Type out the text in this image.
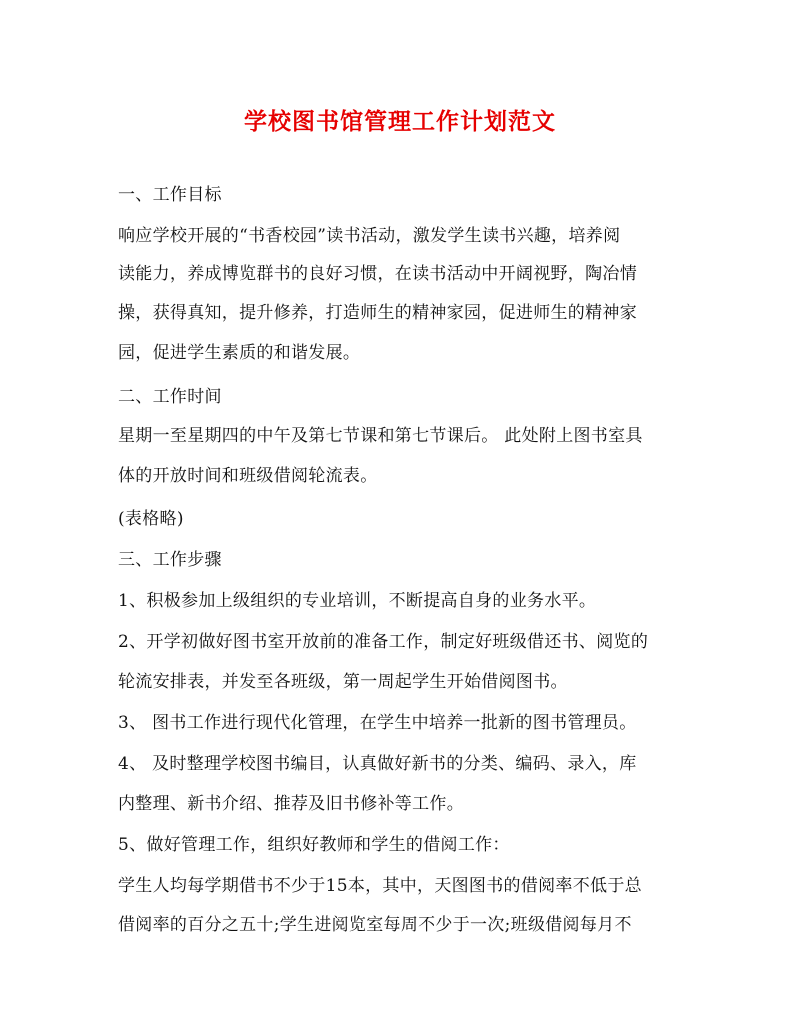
学校图书馆管理工作计划范文
一、工作目标
响应学校开展的“书香校园”读书活动，激发学生读书兴趣，培养阅
读能力，养成博览群书的良好习惯，在读书活动中开阔视野，陶冶情
操，获得真知，提升修养，打造师生的精神家园，促进师生的精神家
园，促进学生素质的和谐发展。
二、工作时间
星期一至星期四的中午及第七节课和第七节课后。 此处附上图书室具
体的开放时间和班级借阅轮流表。
(表格略)
三、工作步骤
1、积极参加上级组织的专业培训，不断提高自身的业务水平。
2、开学初做好图书室开放前的准备工作，制定好班级借还书、阅览的
轮流安排表，并发至各班级，第一周起学生开始借阅图书。
3、 图书工作进行现代化管理，在学生中培养一批新的图书管理员。
4、 及时整理学校图书编目，认真做好新书的分类、编码、录入，库
内整理、新书介绍、推荐及旧书修补等工作。
5、做好管理工作，组织好教师和学生的借阅工作：
学生人均每学期借书不少于15本，其中，天图图书的借阅率不低于总
借阅率的百分之五十;学生进阅览室每周不少于一次;班级借阅每月不
